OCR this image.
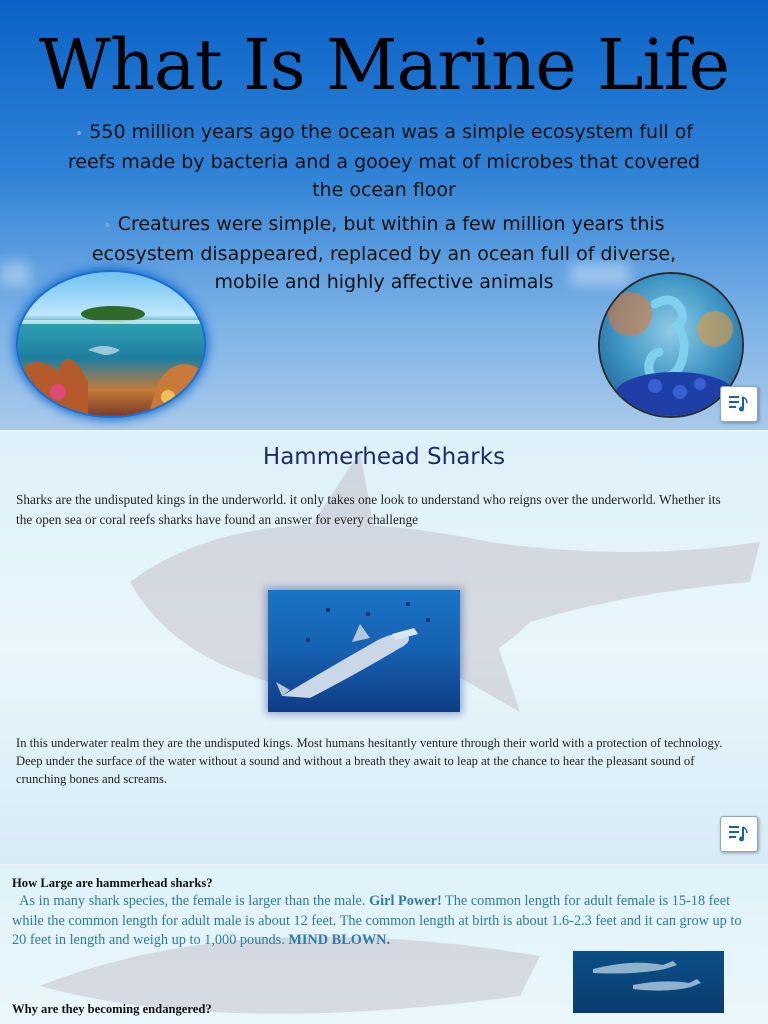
What Is Marine Life

• 550 million years ago the ocean was a simple ecosystem full of reefs made by bacteria and a gooey mat of microbes that covered the ocean floor

• Creatures were simple, but within a few million years this ecosystem disappeared, replaced by an ocean full of diverse, mobile and highly affective animals

Hammerhead Sharks

Sharks are the undisputed kings in the underworld. it only takes one look to understand who reigns over the underworld. Whether its the open sea or coral reefs sharks have found an answer for every challenge

In this underwater realm they are the undisputed kings. Most humans hesitantly venture through their world with a protection of technology. Deep under the surface of the water without a sound and without a breath they await to leap at the chance to hear the pleasant sound of crunching bones and screams.

How Large are hammerhead sharks?

As in many shark species, the female is larger than the male. Girl Power! The common length for adult female is 15-18 feet while the common length for adult male is about 12 feet. The common length at birth is about 1.6-2.3 feet and it can grow up to 20 feet in length and weigh up to 1,000 pounds. MIND BLOWN.

Why are they becoming endangered?
